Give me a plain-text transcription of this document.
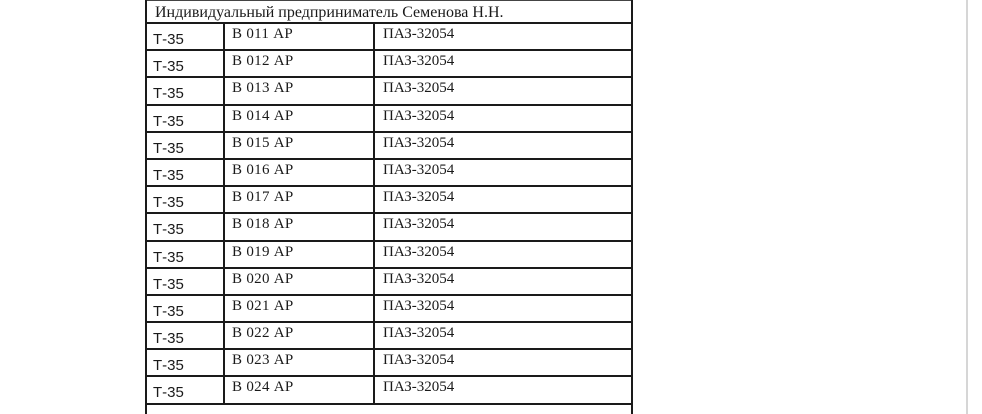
Индивидуальный предприниматель Семенова Н.Н.
Т-35	В 011 АР	ПАЗ-32054
Т-35	В 012 АР	ПАЗ-32054
Т-35	В 013 АР	ПАЗ-32054
Т-35	В 014 АР	ПАЗ-32054
Т-35	В 015 АР	ПАЗ-32054
Т-35	В 016 АР	ПАЗ-32054
Т-35	В 017 АР	ПАЗ-32054
Т-35	В 018 АР	ПАЗ-32054
Т-35	В 019 АР	ПАЗ-32054
Т-35	В 020 АР	ПАЗ-32054
Т-35	В 021 АР	ПАЗ-32054
Т-35	В 022 АР	ПАЗ-32054
Т-35	В 023 АР	ПАЗ-32054
Т-35	В 024 АР	ПАЗ-32054
